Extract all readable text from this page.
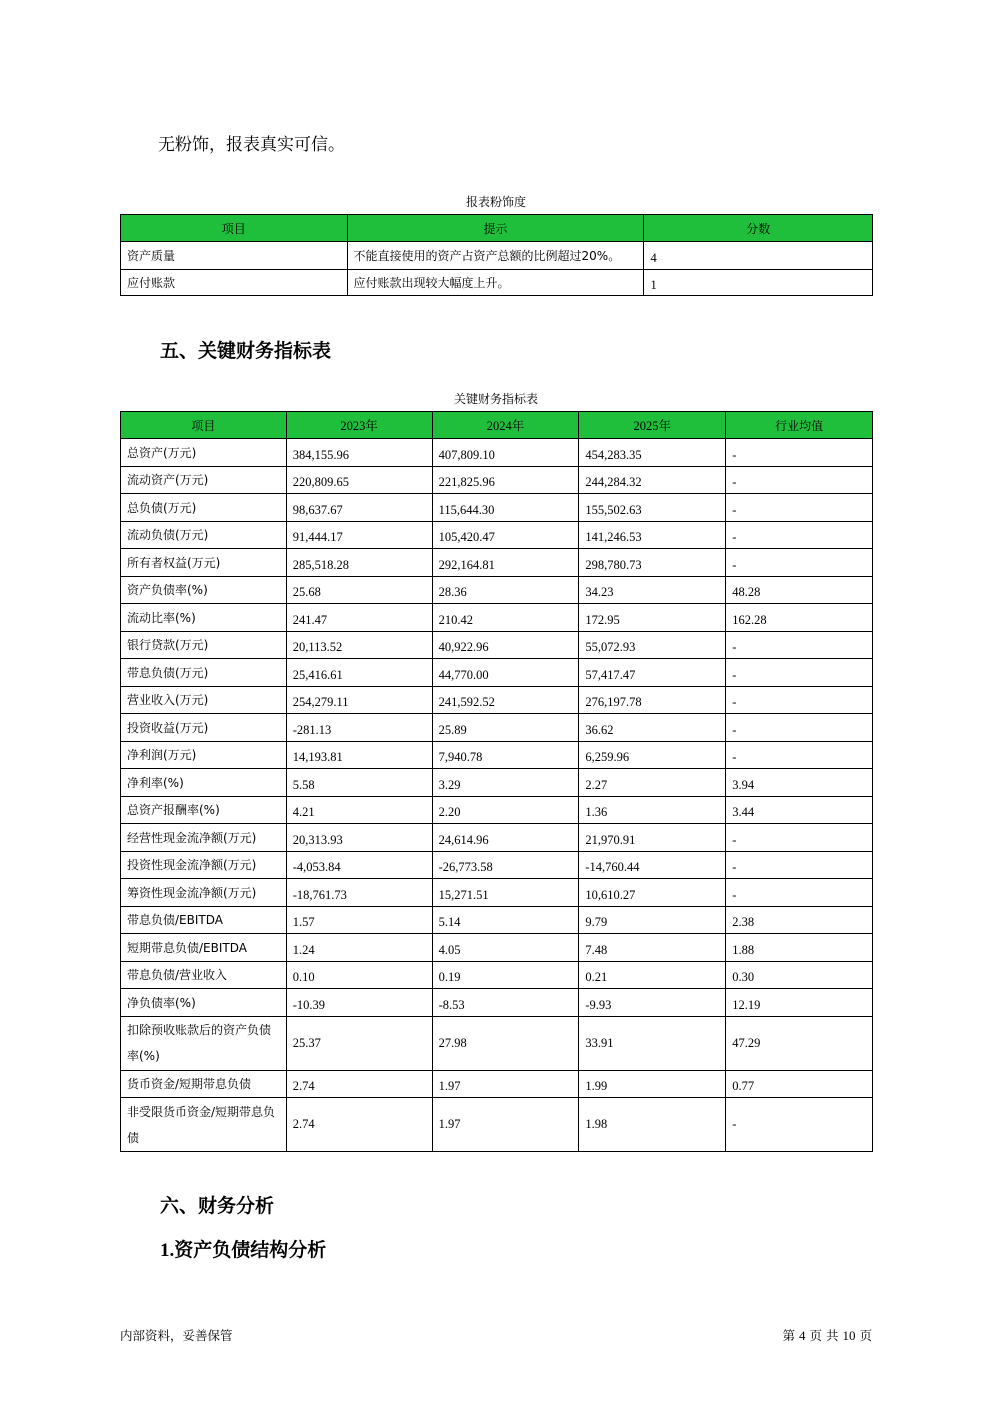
无粉饰，报表真实可信。
报表粉饰度
项目	提示	分数
资产质量	不能直接使用的资产占资产总额的比例超过20%。	4
应付账款	应付账款出现较大幅度上升。	1
五、关键财务指标表
关键财务指标表
项目	2023年	2024年	2025年	行业均值
总资产(万元)	384,155.96	407,809.10	454,283.35	-
流动资产(万元)	220,809.65	221,825.96	244,284.32	-
总负债(万元)	98,637.67	115,644.30	155,502.63	-
流动负债(万元)	91,444.17	105,420.47	141,246.53	-
所有者权益(万元)	285,518.28	292,164.81	298,780.73	-
资产负债率(%)	25.68	28.36	34.23	48.28
流动比率(%)	241.47	210.42	172.95	162.28
银行贷款(万元)	20,113.52	40,922.96	55,072.93	-
带息负债(万元)	25,416.61	44,770.00	57,417.47	-
营业收入(万元)	254,279.11	241,592.52	276,197.78	-
投资收益(万元)	-281.13	25.89	36.62	-
净利润(万元)	14,193.81	7,940.78	6,259.96	-
净利率(%)	5.58	3.29	2.27	3.94
总资产报酬率(%)	4.21	2.20	1.36	3.44
经营性现金流净额(万元)	20,313.93	24,614.96	21,970.91	-
投资性现金流净额(万元)	-4,053.84	-26,773.58	-14,760.44	-
筹资性现金流净额(万元)	-18,761.73	15,271.51	10,610.27	-
带息负债/EBITDA	1.57	5.14	9.79	2.38
短期带息负债/EBITDA	1.24	4.05	7.48	1.88
带息负债/营业收入	0.10	0.19	0.21	0.30
净负债率(%)	-10.39	-8.53	-9.93	12.19
扣除预收账款后的资产负债率(%)	25.37	27.98	33.91	47.29
货币资金/短期带息负债	2.74	1.97	1.99	0.77
非受限货币资金/短期带息负债	2.74	1.97	1.98	-
六、财务分析
1.资产负债结构分析
内部资料，妥善保管	第 4 页 共 10 页
